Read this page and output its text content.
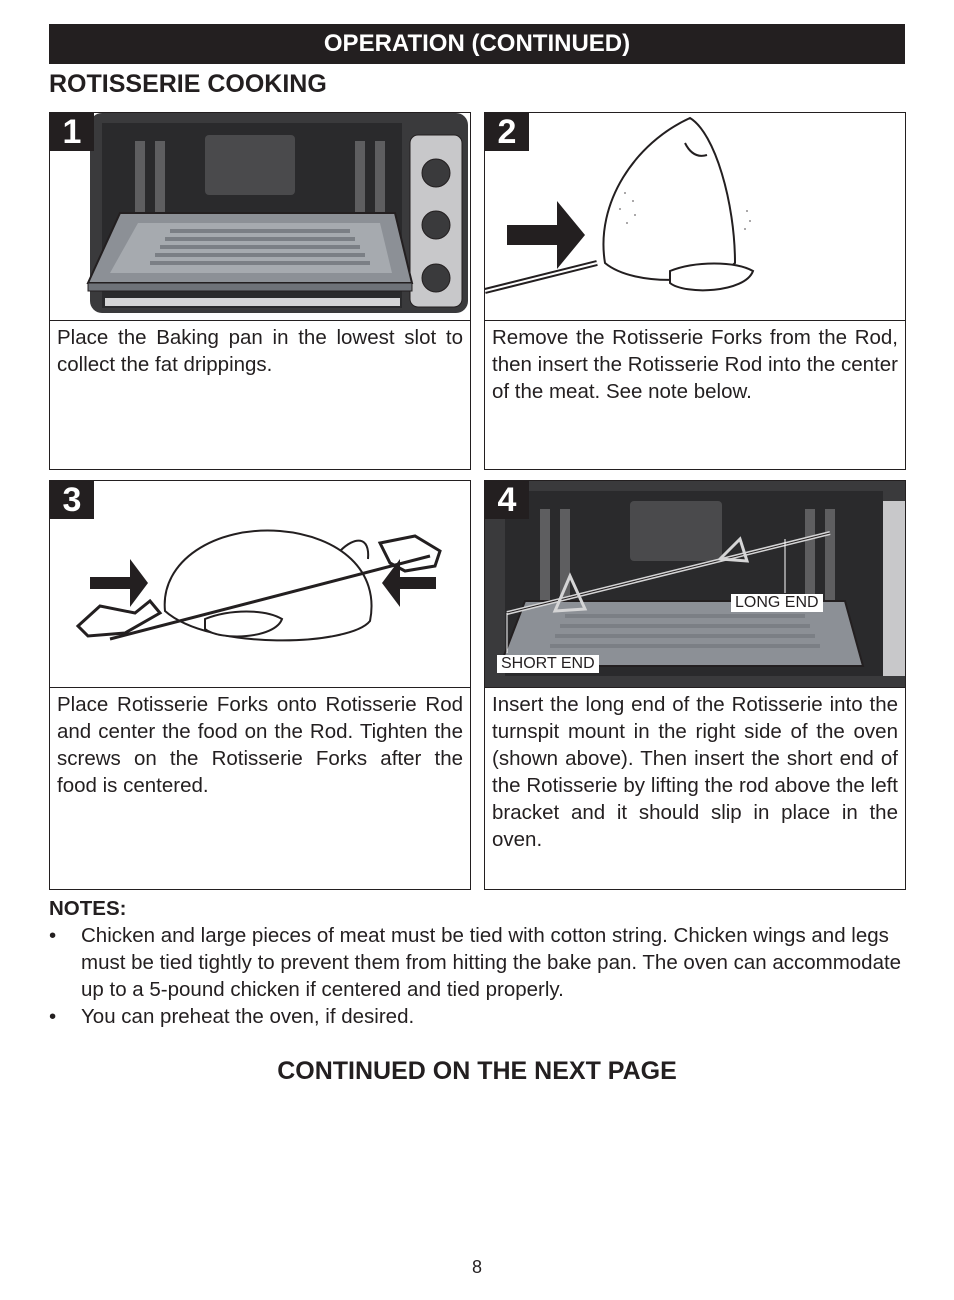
OPERATION (CONTINUED)
ROTISSERIE COOKING
1
Place the Baking pan in the lowest slot to collect the fat drippings.
2
Remove the Rotisserie Forks from the Rod, then insert the Rotisserie Rod into the center of the meat. See note below.
3
Place Rotisserie Forks onto Rotisserie Rod and center the food on the Rod. Tighten the screws on the Rotisserie Forks after the food is centered.
4
LONG END
SHORT END
Insert the long end of the Rotisserie into the turnspit mount in the right side of the oven (shown above). Then insert the short end of the Rotisserie by lifting the rod above the left bracket and it should slip in place in the oven.
NOTES:
• Chicken and large pieces of meat must be tied with cotton string. Chicken wings and legs must be tied tightly to prevent them from hitting the bake pan. The oven can accommodate up to a 5-pound chicken if centered and tied properly.
• You can preheat the oven, if desired.
CONTINUED ON THE NEXT PAGE
8
